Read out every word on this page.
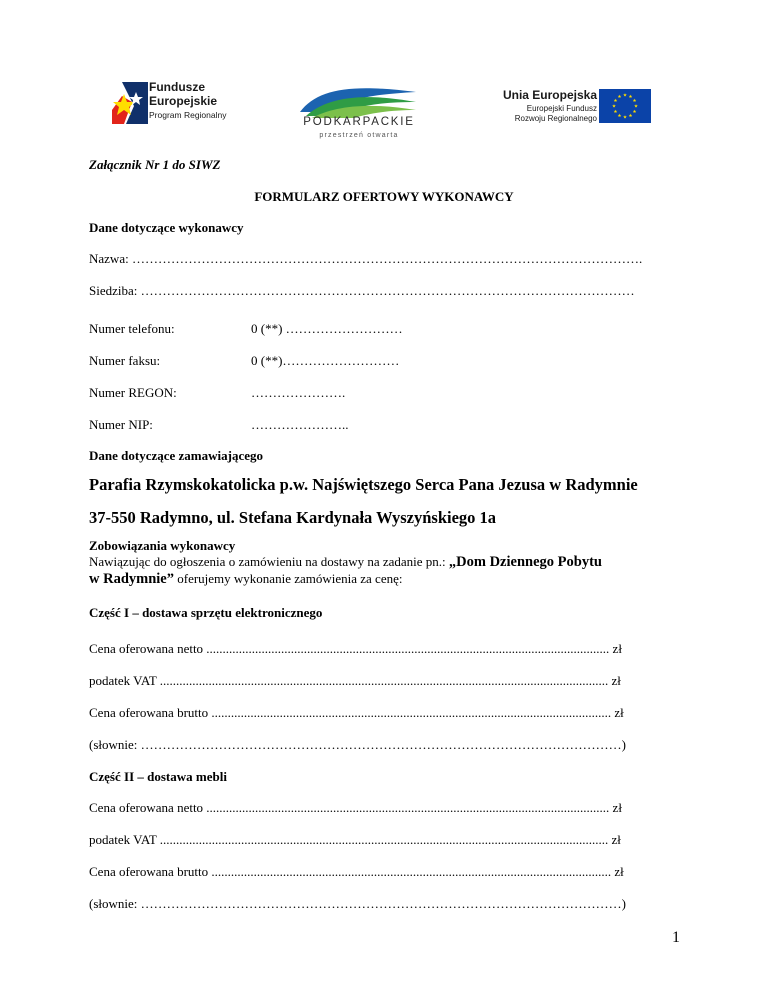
Fundusze
Europejskie
Program Regionalny
PODKARPACKIE
przestrzeń otwarta
Unia Europejska
Europejski Fundusz
Rozwoju Regionalnego
Załącznik Nr 1 do SIWZ
FORMULARZ OFERTOWY WYKONAWCY
Dane dotyczące wykonawcy
Nazwa: ……………………………………………………………………………………………………….
Siedziba: ……………………………………………………………………………………………………
Numer telefonu:	0 (**) ………………………
Numer faksu:	0 (**)………………………
Numer REGON:	………………….
Numer NIP:	…………………..
Dane dotyczące zamawiającego
Parafia Rzymskokatolicka p.w. Najświętszego Serca Pana Jezusa w Radymnie
37-550 Radymno, ul. Stefana Kardynała Wyszyńskiego 1a
Zobowiązania wykonawcy
Nawiązując do ogłoszenia o zamówieniu na dostawy na zadanie pn.: „Dom Dziennego Pobytu
w Radymnie” oferujemy wykonanie zamówienia za cenę:
Część I – dostawa sprzętu elektronicznego
Cena oferowana netto ............................................................................................................................ zł
podatek VAT .......................................................................................................................................... zł
Cena oferowana brutto ........................................................................................................................... zł
(słownie: …………………………………………………………………………………………………)
Część II – dostawa mebli
Cena oferowana netto ............................................................................................................................ zł
podatek VAT .......................................................................................................................................... zł
Cena oferowana brutto ........................................................................................................................... zł
(słownie: …………………………………………………………………………………………………)
1
